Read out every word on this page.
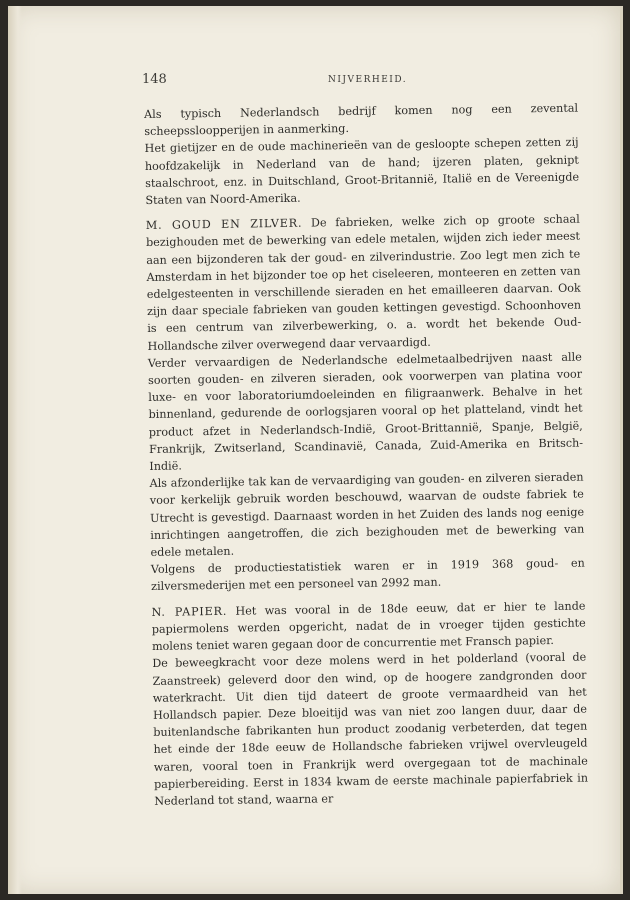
148	NIJVERHEID.

Als typisch Nederlandsch bedrijf komen nog een zevental scheepssloopperijen in aanmerking.

Het gietijzer en de oude machinerieën van de gesloopte schepen zetten zij hoofdzakelijk in Nederland van de hand; ijzeren platen, geknipt staalschroot, enz. in Duitschland, Groot-Britannië, Italië en de Vereenigde Staten van Noord-Amerika.

M. GOUD EN ZILVER. De fabrieken, welke zich op groote schaal bezighouden met de bewerking van edele metalen, wijden zich ieder meest aan een bijzonderen tak der goud- en zilverindustrie. Zoo legt men zich te Amsterdam in het bijzonder toe op het ciseleeren, monteeren en zetten van edelgesteenten in verschillende sieraden en het emailleeren daarvan. Ook zijn daar speciale fabrieken van gouden kettingen gevestigd. Schoonhoven is een centrum van zilverbewerking, o. a. wordt het bekende Oud-Hollandsche zilver overwegend daar vervaardigd.

Verder vervaardigen de Nederlandsche edelmetaalbedrijven naast alle soorten gouden- en zilveren sieraden, ook voorwerpen van platina voor luxe- en voor laboratoriumdoeleinden en filigraanwerk. Behalve in het binnenland, gedurende de oorlogsjaren vooral op het platteland, vindt het product afzet in Nederlandsch-Indië, Groot-Brittannië, Spanje, België, Frankrijk, Zwitserland, Scandinavië, Canada, Zuid-Amerika en Britsch-Indië.

Als afzonderlijke tak kan de vervaardiging van gouden- en zilveren sieraden voor kerkelijk gebruik worden beschouwd, waarvan de oudste fabriek te Utrecht is gevestigd. Daarnaast worden in het Zuiden des lands nog eenige inrichtingen aangetroffen, die zich bezighouden met de bewerking van edele metalen.

Volgens de productiestatistiek waren er in 1919 368 goud- en zilversmederijen met een personeel van 2992 man.

N. PAPIER. Het was vooral in de 18de eeuw, dat er hier te lande papiermolens werden opgericht, nadat de in vroeger tijden gestichte molens teniet waren gegaan door de concurrentie met Fransch papier.

De beweegkracht voor deze molens werd in het polderland (vooral de Zaanstreek) geleverd door den wind, op de hoogere zandgronden door waterkracht. Uit dien tijd dateert de groote vermaardheid van het Hollandsch papier. Deze bloeitijd was van niet zoo langen duur, daar de buitenlandsche fabrikanten hun product zoodanig verbeterden, dat tegen het einde der 18de eeuw de Hollandsche fabrieken vrijwel overvleugeld waren, vooral toen in Frankrijk werd overgegaan tot de machinale papierbereiding. Eerst in 1834 kwam de eerste machinale papierfabriek in Nederland tot stand, waarna er
